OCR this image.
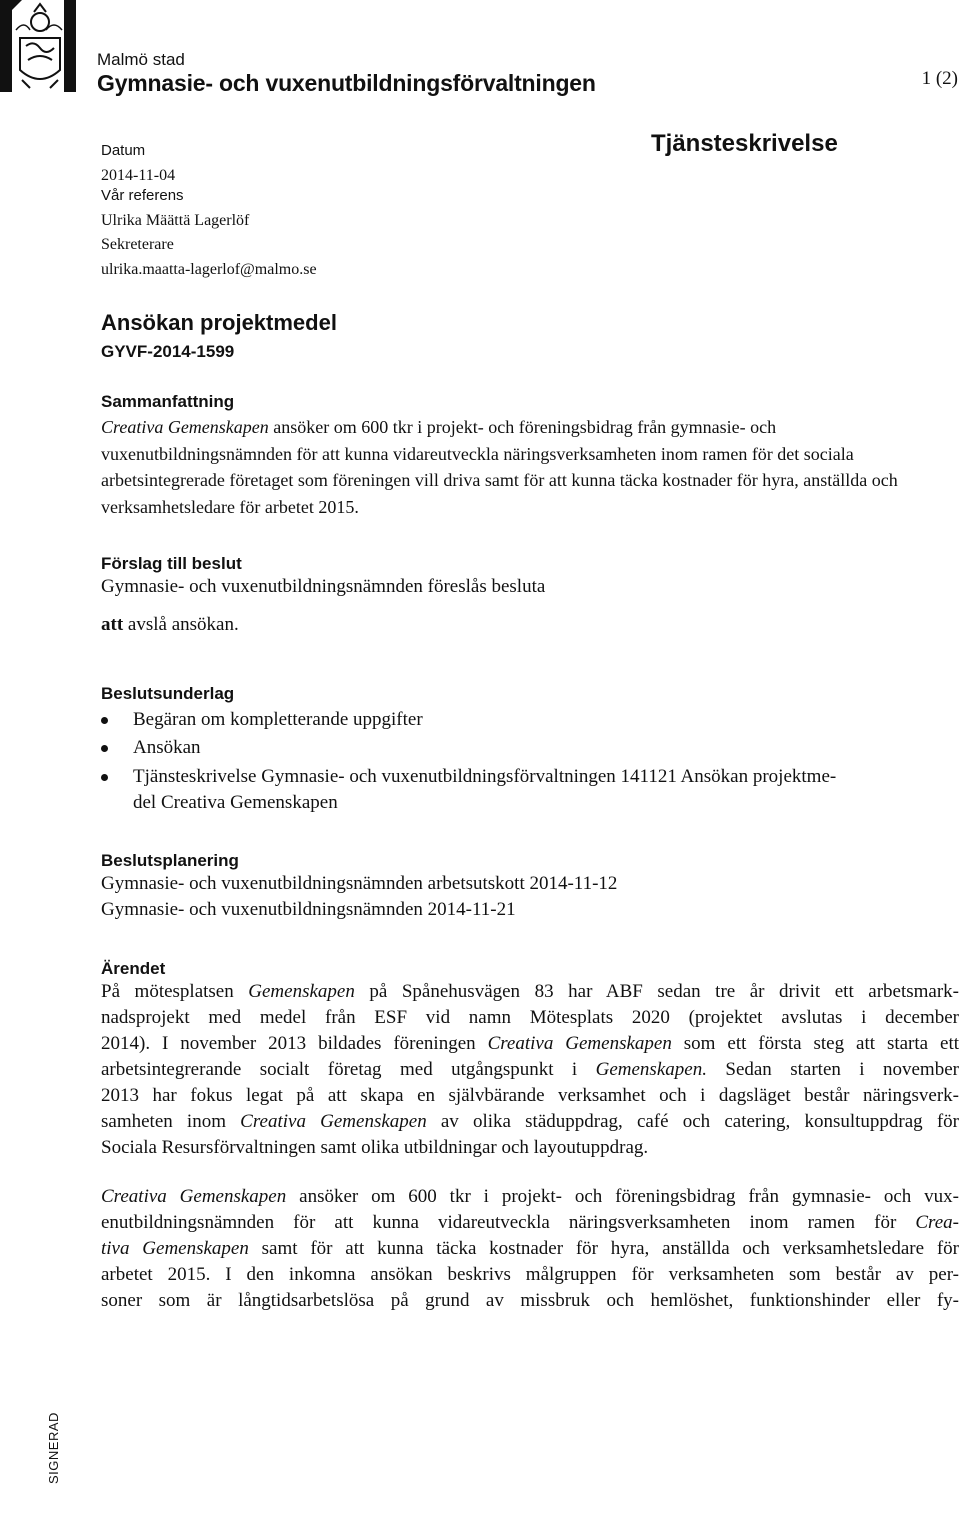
Malmö stad
Gymnasie- och vuxenutbildningsförvaltningen	1 (2)
Datum
2014-11-04
Vår referens
Ulrika Määttä Lagerlöf
Sekreterare
ulrika.maatta-lagerlof@malmo.se
Tjänsteskrivelse
Ansökan projektmedel
GYVF-2014-1599
Sammanfattning
Creativa Gemenskapen ansöker om 600 tkr i projekt- och föreningsbidrag från gymnasie- och vuxenutbildningsnämnden för att kunna vidareutveckla näringsverksamheten inom ramen för det sociala arbetsintegrerade företaget som föreningen vill driva samt för att kunna täcka kostnader för hyra, anställda och verksamhetsledare för arbetet 2015.
Förslag till beslut
Gymnasie- och vuxenutbildningsnämnden föreslås besluta
att avslå ansökan.
Beslutsunderlag
Begäran om kompletterande uppgifter
Ansökan
Tjänsteskrivelse Gymnasie- och vuxenutbildningsförvaltningen 141121 Ansökan projektme-
del Creativa Gemenskapen
Beslutsplanering
Gymnasie- och vuxenutbildningsnämnden arbetsutskott 2014-11-12
Gymnasie- och vuxenutbildningsnämnden 2014-11-21
Ärendet
På mötesplatsen Gemenskapen på Spånehusvägen 83 har ABF sedan tre år drivit ett arbetsmark-
nadsprojekt med medel från ESF vid namn Mötesplats 2020 (projektet avslutas i december
2014). I november 2013 bildades föreningen Creativa Gemenskapen som ett första steg att starta ett
arbetsintegrerande socialt företag med utgångspunkt i Gemenskapen. Sedan starten i november
2013 har fokus legat på att skapa en självbärande verksamhet och i dagsläget består näringsverk-
samheten inom Creativa Gemenskapen av olika städuppdrag, café och catering, konsultuppdrag för
Sociala Resursförvaltningen samt olika utbildningar och layoutuppdrag.
Creativa Gemenskapen ansöker om 600 tkr i projekt- och föreningsbidrag från gymnasie- och vux-
enutbildningsnämnden för att kunna vidareutveckla näringsverksamheten inom ramen för Crea-
tiva Gemenskapen samt för att kunna täcka kostnader för hyra, anställda och verksamhetsledare för
arbetet 2015. I den inkomna ansökan beskrivs målgruppen för verksamheten som består av per-
soner som är långtidsarbetslösa på grund av missbruk och hemlöshet, funktionshinder eller fy-
SIGNERAD
